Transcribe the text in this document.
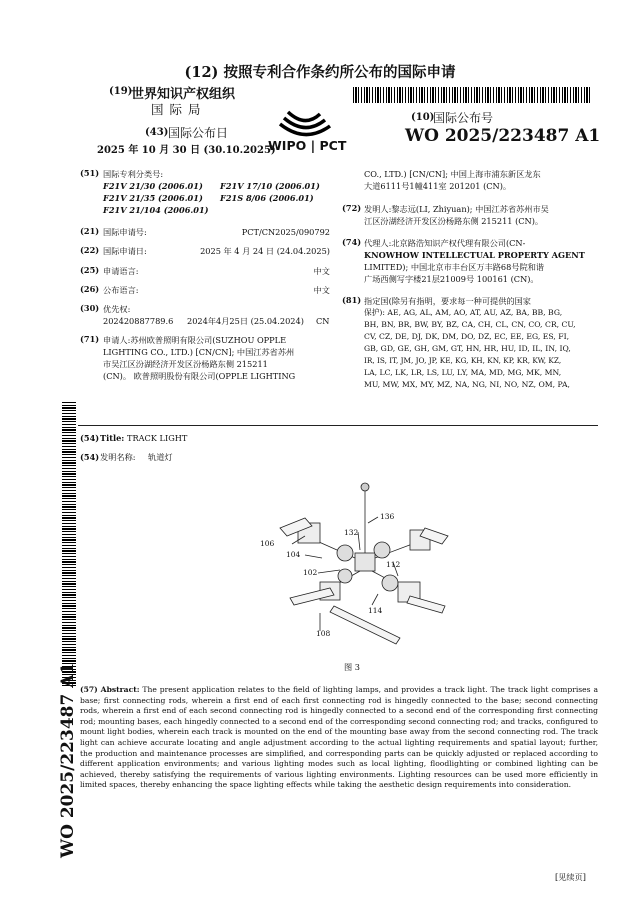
(12) 按照专利合作条约所公布的国际申请
(19)
世界知识产权组织
国 际 局
WIPO | PCT
(43) 国际公布日
2025 年 10 月 30 日 (30.10.2025)
(10)
国际公布号
WO 2025/223487 A1
(51) 国际专利分类号:
F21V 21/30 (2006.01) F21V 17/10 (2006.01)
F21V 21/35 (2006.01) F21S 8/06 (2006.01)
F21V 21/104 (2006.01)
(21) 国际申请号:	PCT/CN2025/090792
(22) 国际申请日:	2025 年 4 月 24 日 (24.04.2025)
(25) 申请语言:	中文
(26) 公布语言:	中文
(30) 优先权:
202420887789.6 2024年4月25日 (25.04.2024) CN
(71) 申请人:苏州欧普照明有限公司(SUZHOU OPPLE
LIGHTING CO., LTD.) [CN/CN]; 中国江苏省苏州
市吴江区汾湖经济开发区汾杨路东侧 215211
(CN)。 欧普照明股份有限公司(OPPLE LIGHTING
CO., LTD.) [CN/CN]; 中国上海市浦东新区龙东
大道6111号1幢411室 201201 (CN)。
(72) 发明人:黎志远(LI, Zhiyuan); 中国江苏省苏州市吴
江区汾湖经济开发区汾杨路东侧 215211 (CN)。
(74) 代理人:北京路浩知识产权代理有限公司(CN-
KNOWHOW INTELLECTUAL PROPERTY AGENT
LIMITED); 中国北京市丰台区万丰路68号院和谐
广场西侧写字楼21层21009号 100161 (CN)。
(81) 指定国(除另有指明，要求每一种可提供的国家
保护): AE, AG, AL, AM, AO, AT, AU, AZ, BA, BB, BG,
BH, BN, BR, BW, BY, BZ, CA, CH, CL, CN, CO, CR, CU,
CV, CZ, DE, DJ, DK, DM, DO, DZ, EC, EE, EG, ES, FI,
GB, GD, GE, GH, GM, GT, HN, HR, HU, ID, IL, IN, IQ,
IR, IS, IT, JM, JO, JP, KE, KG, KH, KN, KP, KR, KW, KZ,
LA, LC, LK, LR, LS, LU, LY, MA, MD, MG, MK, MN,
MU, MW, MX, MY, MZ, NA, NG, NI, NO, NZ, OM, PA,
(54) Title: TRACK LIGHT
(54) 发明名称: 轨道灯
136
132
106
104
102
112
114
108
图 3
(57) Abstract: The present application relates to the field of lighting lamps, and provides a track light. The track light comprises a base; first connecting rods, wherein a first end of each first connecting rod is hingedly connected to the base; second connecting rods, wherein a first end of each second connecting rod is hingedly connected to a second end of the corresponding first connecting rod; mounting bases, each hingedly connected to a second end of the corresponding second connecting rod; and tracks, configured to mount light bodies, wherein each track is mounted on the end of the mounting base away from the second connecting rod. The track light can achieve accurate locating and angle adjustment according to the actual lighting requirements and spatial layout; further, the production and maintenance processes are simplified, and corresponding parts can be quickly adjusted or replaced according to different application environments; and various lighting modes such as local lighting, floodlighting or combined lighting can be achieved, thereby satisfying the requirements of various lighting environments. Lighting resources can be used more efficiently in limited spaces, thereby enhancing the space lighting effects while taking the aesthetic design requirements into consideration.
WO 2025/223487 A1
[见续页]
